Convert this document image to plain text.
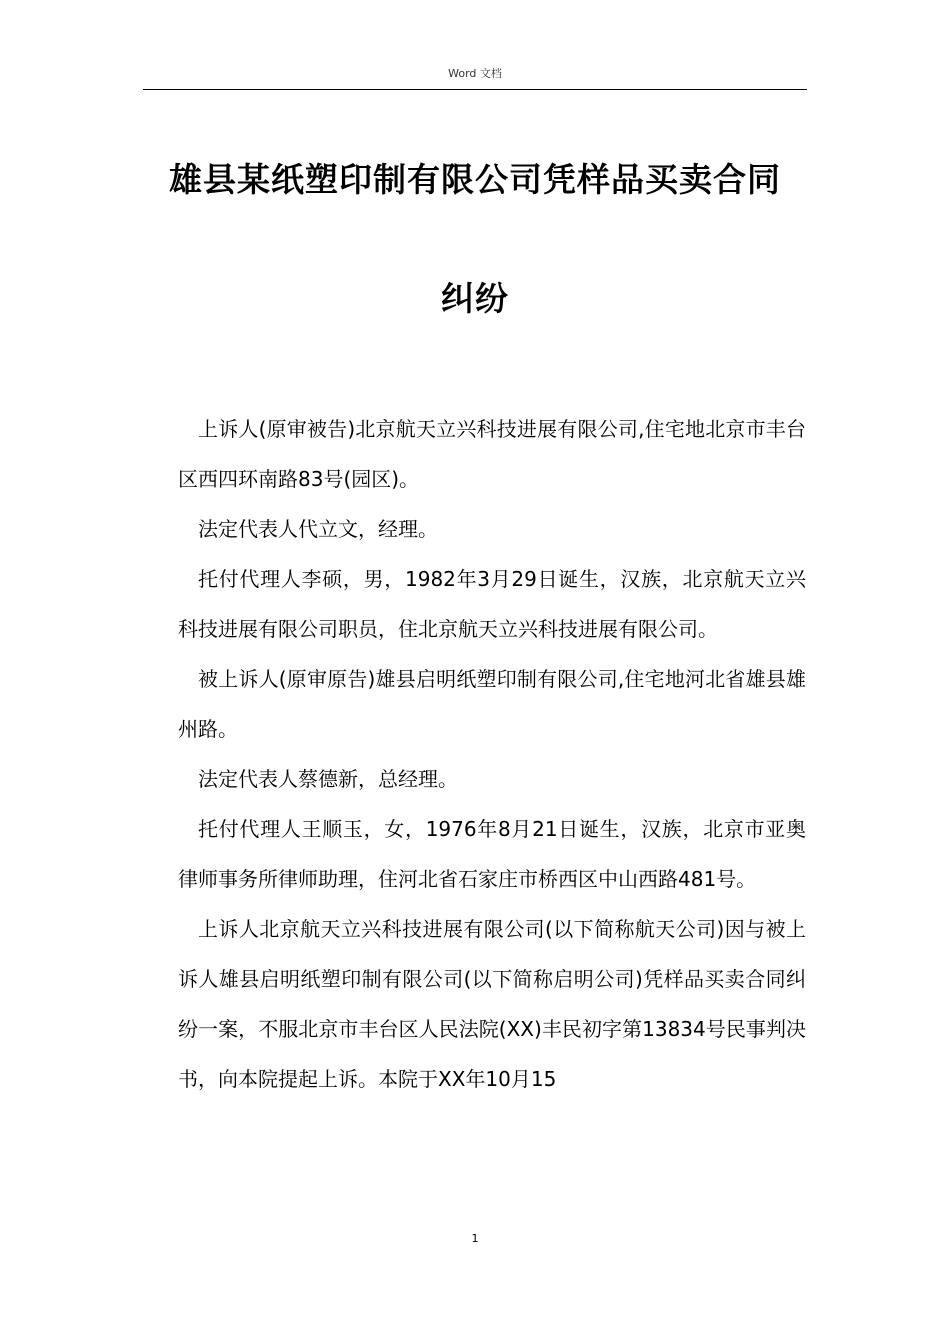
Word 文档
雄县某纸塑印制有限公司凭样品买卖合同
纠纷

上诉人(原审被告)北京航天立兴科技进展有限公司,住宅地北京市丰台区西四环南路83号(园区)。

法定代表人代立文，经理。

托付代理人李硕，男，1982年3月29日诞生，汉族，北京航天立兴科技进展有限公司职员，住北京航天立兴科技进展有限公司。

被上诉人(原审原告)雄县启明纸塑印制有限公司,住宅地河北省雄县雄州路。

法定代表人蔡德新，总经理。

托付代理人王顺玉，女，1976年8月21日诞生，汉族，北京市亚奥律师事务所律师助理，住河北省石家庄市桥西区中山西路481号。

上诉人北京航天立兴科技进展有限公司(以下简称航天公司)因与被上诉人雄县启明纸塑印制有限公司(以下简称启明公司)凭样品买卖合同纠纷一案，不服北京市丰台区人民法院(XX)丰民初字第13834号民事判决书，向本院提起上诉。本院于XX年10月15

1
